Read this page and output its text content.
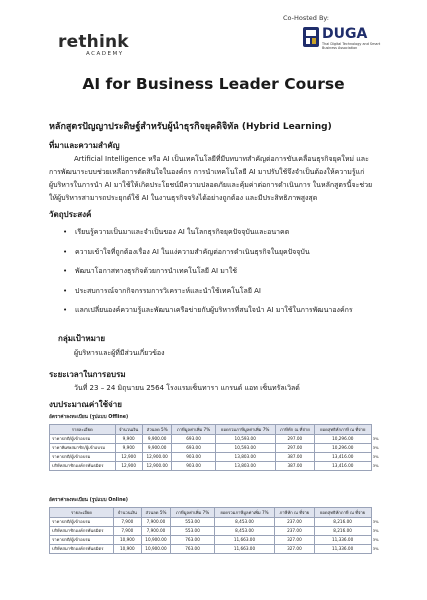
Co-Hosted By:
rethink
ACADEMY
DUGA
Thai Digital Technology and Smart Business Association
AI for Business Leader Course
หลักสูตรปัญญาประดิษฐ์สำหรับผู้นำธุรกิจยุคดิจิทัล (Hybrid Learning)
ที่มาและความสำคัญ
Artificial Intelligence หรือ AI เป็นเทคโนโลยีที่มีบทบาทสำคัญต่อการขับเคลื่อนธุรกิจยุคใหม่ และ
การพัฒนาระบบช่วยเหลือการตัดสินใจในองค์กร การนำเทคโนโลยี AI มาปรับใช้จึงจำเป็นต้องให้ความรู้แก่
ผู้บริหารในการนำ AI มาใช้ให้เกิดประโยชน์มีความปลอดภัยและคุ้มค่าต่อการดำเนินการ ในหลักสูตรนี้จะช่วย
ให้ผู้บริหารสามารถประยุกต์ใช้ AI ในงานธุรกิจจริงได้อย่างถูกต้อง และมีประสิทธิภาพสูงสุด
วัตถุประสงค์
• เรียนรู้ความเป็นมาและจำเป็นของ AI ในโลกธุรกิจยุคปัจจุบันและอนาคต
• ความเข้าใจที่ถูกต้องเรื่อง AI ในแง่ความสำคัญต่อการดำเนินธุรกิจในยุคปัจจุบัน
• พัฒนาโอกาสทางธุรกิจด้วยการนำเทคโนโลยี AI มาใช้
• ประสบการณ์จากกิจกรรมการวิเคราะห์และนำใช้เทคโนโลยี AI
• แลกเปลี่ยนองค์ความรู้และพัฒนาเครือข่ายกับผู้บริหารที่สนใจนำ AI มาใช้ในการพัฒนาองค์กร
กลุ่มเป้าหมาย
ผู้บริหารและผู้ที่มีส่วนเกี่ยวข้อง
ระยะเวลาในการอบรม
วันที่ 23 – 24 มิถุนายน 2564 โรงแรมเซ็นทารา แกรนด์ แอท เซ็นทรัลเวิลด์
งบประมาณค่าใช้จ่าย
อัตราค่าลงทะเบียน (รูปแบบ Offline)
รายละเอียด	จำนวนเงิน	ส่วนลด 5%	ภาษีมูลค่าเพิ่ม 7%	ยอดรวมภาษีมูลค่าเพิ่ม 7%	ภาษีหัก ณ ที่จ่าย	ยอดสุทธิหักภาษี ณ ที่จ่าย	
ราคาปกติ/ผู้เข้าอบรม	9,900	9,900.00	693.00	10,593.00	297.00	10,296.00	3%
ราคาพิเศษสมาชิก/ผู้เข้าอบรม	9,900	9,900.00	693.00	10,593.00	297.00	10,296.00	3%
ราคาปกติ/ผู้เข้าอบรม	12,900	12,900.00	903.00	13,803.00	387.00	13,416.00	3%
บริษัทสมาชิกองค์กรพันธมิตร	12,900	12,900.00	903.00	13,803.00	387.00	13,416.00	3%
อัตราค่าลงทะเบียน (รูปแบบ Online)
รายละเอียด	จำนวนเงิน	ส่วนลด 5%	ภาษีมูลค่าเพิ่ม 7%	ยอดรวมภาษีมูลค่าเพิ่ม 7%	ภาษีหัก ณ ที่จ่าย	ยอดสุทธิหักภาษี ณ ที่จ่าย	
ราคาปกติ/ผู้เข้าอบรม	7,900	7,900.00	553.00	8,453.00	237.00	8,216.00	3%
บริษัทสมาชิกองค์กรพันธมิตร	7,900	7,900.00	553.00	8,453.00	237.00	8,216.00	3%
ราคาปกติ/ผู้เข้าอบรม	10,900	10,900.00	763.00	11,663.00	327.00	11,336.00	3%
บริษัทสมาชิกองค์กรพันธมิตร	10,900	10,900.00	763.00	11,663.00	327.00	11,336.00	3%
